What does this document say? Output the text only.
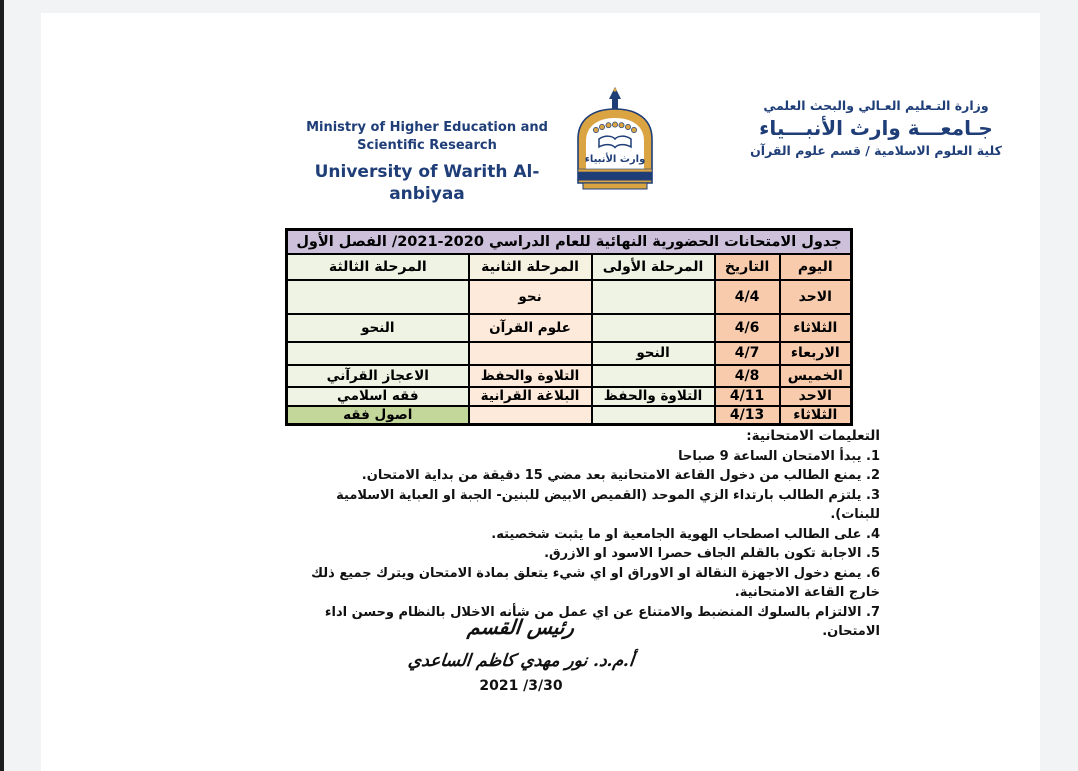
Ministry of Higher Education and
Scientific Research
University of Warith Al- anbiyaa
وارث الأنبياء
وزارة التـعليم العـالي والبحث العلمي
جـامعـــة وارث الأنبـــياء
كلية العلوم الاسلامية / قسم علوم القرآن
جدول الامتحانات الحضورية النهائية للعام الدراسي 2020-2021/ الفصل الأول				
اليوم	التاريخ	المرحلة الأولى	المرحلة الثانية	المرحلة الثالثة
الاحد	4/4		نحو	
الثلاثاء	4/6		علوم القرآن	النحو
الاربعاء	4/7	النحو		
الخميس	4/8		التلاوة والحفظ	الاعجاز القرآني
الاحد	4/11	التلاوة والحفظ	البلاغة القرانية	فقه اسلامي
الثلاثاء	4/13			اصول فقه
التعليمات الامتحانية:
1. يبدأ الامتحان الساعة 9 صباحا
2. يمنع الطالب من دخول القاعة الامتحانية بعد مضي 15 دقيقة من بداية الامتحان.
3. يلتزم الطالب بارتداء الزي الموحد (القميص الابيض للبنين- الجبة او العباية الاسلامية للبنات).
4. على الطالب اصطحاب الهوية الجامعية او ما يثبت شخصيته.
5. الاجابة تكون بالقلم الجاف حصرا الاسود او الازرق.
6. يمنع دخول الاجهزة النقالة او الاوراق او اي شيء يتعلق بمادة الامتحان ويترك جميع ذلك خارج القاعة الامتحانية.
7. الالتزام بالسلوك المنضبط والامتناع عن اي عمل من شأنه الاخلال بالنظام وحسن اداء الامتحان.
رئيس القسم
أ.م.د. نور مهدي كاظم الساعدي
2021 /3/30
